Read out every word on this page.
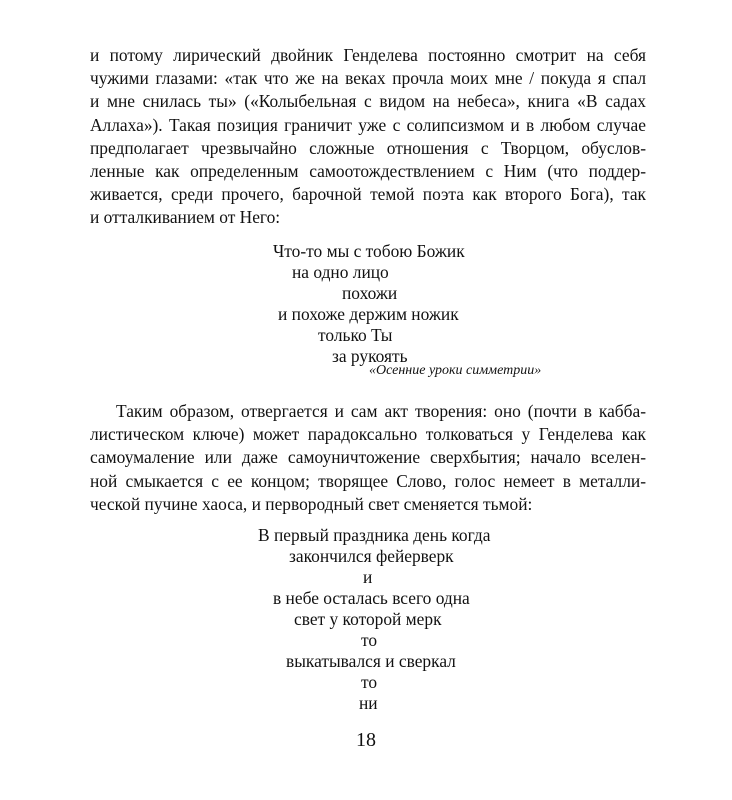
и потому лирический двойник Генделева постоянно смотрит на себя
чужими глазами: «так что же на веках прочла моих мне / покуда я спал
и мне снилась ты» («Колыбельная с видом на небеса», книга «В садах
Аллаха»). Такая позиция граничит уже с солипсизмом и в любом случае
предполагает чрезвычайно сложные отношения с Творцом, обуслов-
ленные как определенным самоотождествлением с Ним (что поддер-
живается, среди прочего, барочной темой поэта как второго Бога), так
и отталкиванием от Него:
Что-то мы с тобою Божик
на одно лицо
похожи
и похоже держим ножик
только Ты
за рукоять
«Осенние уроки симметрии»
Таким образом, отвергается и сам акт творения: оно (почти в кабба-
листическом ключе) может парадоксально толковаться у Генделева как
самоумаление или даже самоуничтожение сверхбытия; начало вселен-
ной смыкается с ее концом; творящее Слово, голос немеет в металли-
ческой пучине хаоса, и первородный свет сменяется тьмой:
В первый праздника день когда
закончился фейерверк
и
в небе осталась всего одна
свет у которой мерк
то
выкатывался и сверкал
то
ни
18
